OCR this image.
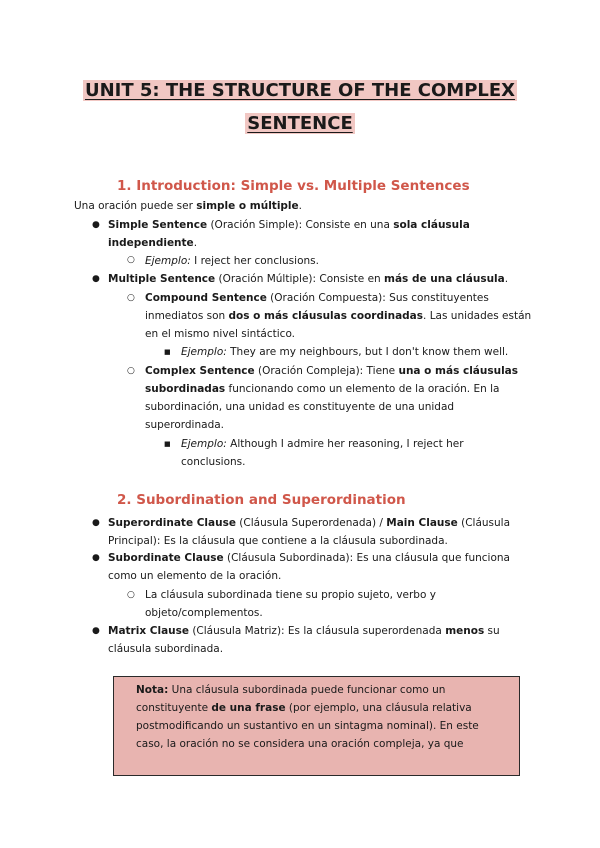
UNIT 5: THE STRUCTURE OF THE COMPLEX
SENTENCE
1. Introduction: Simple vs. Multiple Sentences
Una oración puede ser simple o múltiple.
● Simple Sentence (Oración Simple): Consiste en una sola cláusula
independiente.
○ Ejemplo: I reject her conclusions.
● Multiple Sentence (Oración Múltiple): Consiste en más de una cláusula.
○ Compound Sentence (Oración Compuesta): Sus constituyentes
inmediatos son dos o más cláusulas coordinadas. Las unidades están
en el mismo nivel sintáctico.
■ Ejemplo: They are my neighbours, but I don't know them well.
○ Complex Sentence (Oración Compleja): Tiene una o más cláusulas
subordinadas funcionando como un elemento de la oración. En la
subordinación, una unidad es constituyente de una unidad
superordinada.
■ Ejemplo: Although I admire her reasoning, I reject her
conclusions.
2. Subordination and Superordination
● Superordinate Clause (Cláusula Superordenada) / Main Clause (Cláusula
Principal): Es la cláusula que contiene a la cláusula subordinada.
● Subordinate Clause (Cláusula Subordinada): Es una cláusula que funciona
como un elemento de la oración.
○ La cláusula subordinada tiene su propio sujeto, verbo y
objeto/complementos.
● Matrix Clause (Cláusula Matriz): Es la cláusula superordenada menos su
cláusula subordinada.
Nota: Una cláusula subordinada puede funcionar como un
constituyente de una frase (por ejemplo, una cláusula relativa
postmodificando un sustantivo en un sintagma nominal). En este
caso, la oración no se considera una oración compleja, ya que
